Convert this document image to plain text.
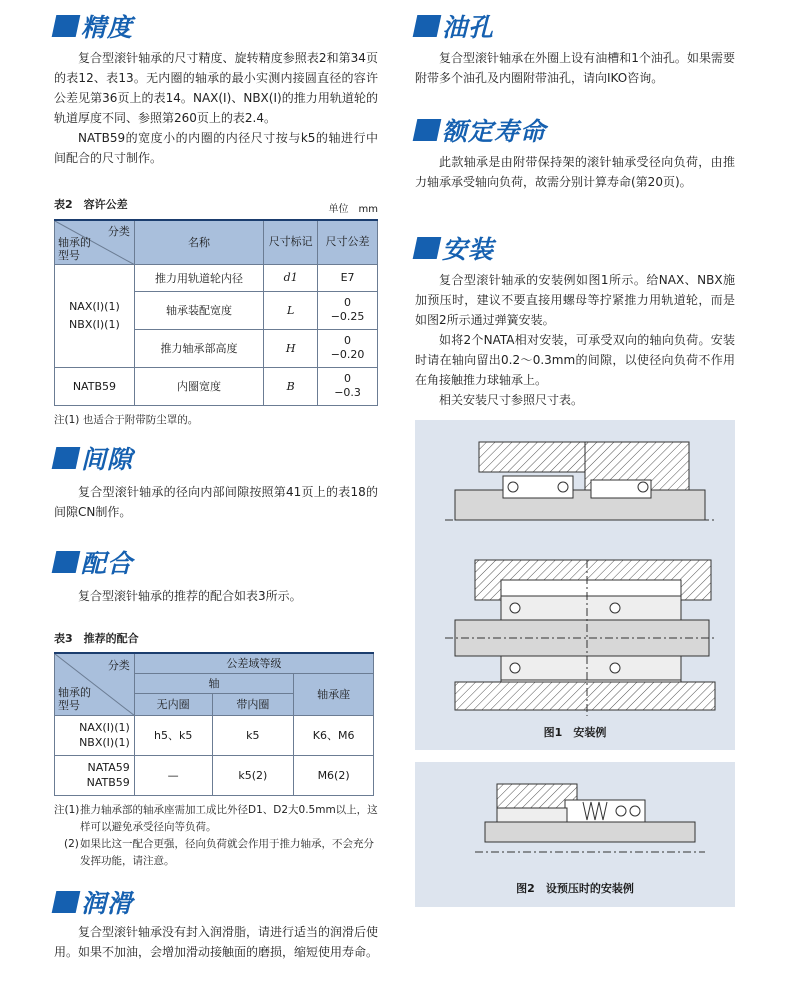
精度

复合型滚针轴承的尺寸精度、旋转精度参照表2和第34页的表12、表13。无内圈的轴承的最小实测内接圆直径的容许公差见第36页上的表14。NAX(I)、NBX(I)的推力用轨道轮的轨道厚度不同、参照第260页上的表2.4。

NATB59的宽度小的内圈的内径尺寸按与k5的轴进行中间配合的尺寸制作。

表2　容许公差	单位　mm
分类
轴承的型号	名称	尺寸标记	尺寸公差

NAX(I)(1)
NBX(I)(1)	推力用轨道轮内径	d1	E7
	轴承装配宽度	L	0
−0.25
	推力轴承部高度	H	0
−0.20
NATB59	内圈宽度	B	0
−0.3
注(1) 也适合于附带防尘罩的。
间隙

复合型滚针轴承的径向内部间隙按照第41页上的表18的间隙CN制作。

配合

复合型滚针轴承的推荐的配合如表3所示。

表3　推荐的配合
分类
轴承的型号	公差域等级		
	轴		轴承座
	无内圈	带内圈	

NAX(I)(1)
NBX(I)(1)	h5、k5	k5	K6、M6

NATA59
NATB59	—	k5(2)	M6(2)
注(1) 推力轴承部的轴承座需加工成比外径D1、D2大0.5mm以上，这样可以避免承受径向等负荷。
(2) 如果比这一配合更强，径向负荷就会作用于推力轴承，不会充分发挥功能，请注意。
润滑

复合型滚针轴承没有封入润滑脂，请进行适当的润滑后使用。如果不加油，会增加滑动接触面的磨损，缩短使用寿命。

油孔

复合型滚针轴承在外圈上设有油槽和1个油孔。如果需要附带多个油孔及内圈附带油孔，请向IKO咨询。

额定寿命

此款轴承是由附带保持架的滚针轴承受径向负荷，由推力轴承承受轴向负荷，故需分别计算寿命(第20页)。

安装

复合型滚针轴承的安装例如图1所示。给NAX、NBX施加预压时，建议不要直接用螺母等拧紧推力用轨道轮，而是如图2所示通过弹簧安装。

如将2个NATA相对安装，可承受双向的轴向负荷。安装时请在轴向留出0.2～0.3mm的间隙，以使径向负荷不作用在角接触推力球轴承上。

相关安装尺寸参照尺寸表。

图1　安装例
图2　设预压时的安装例
